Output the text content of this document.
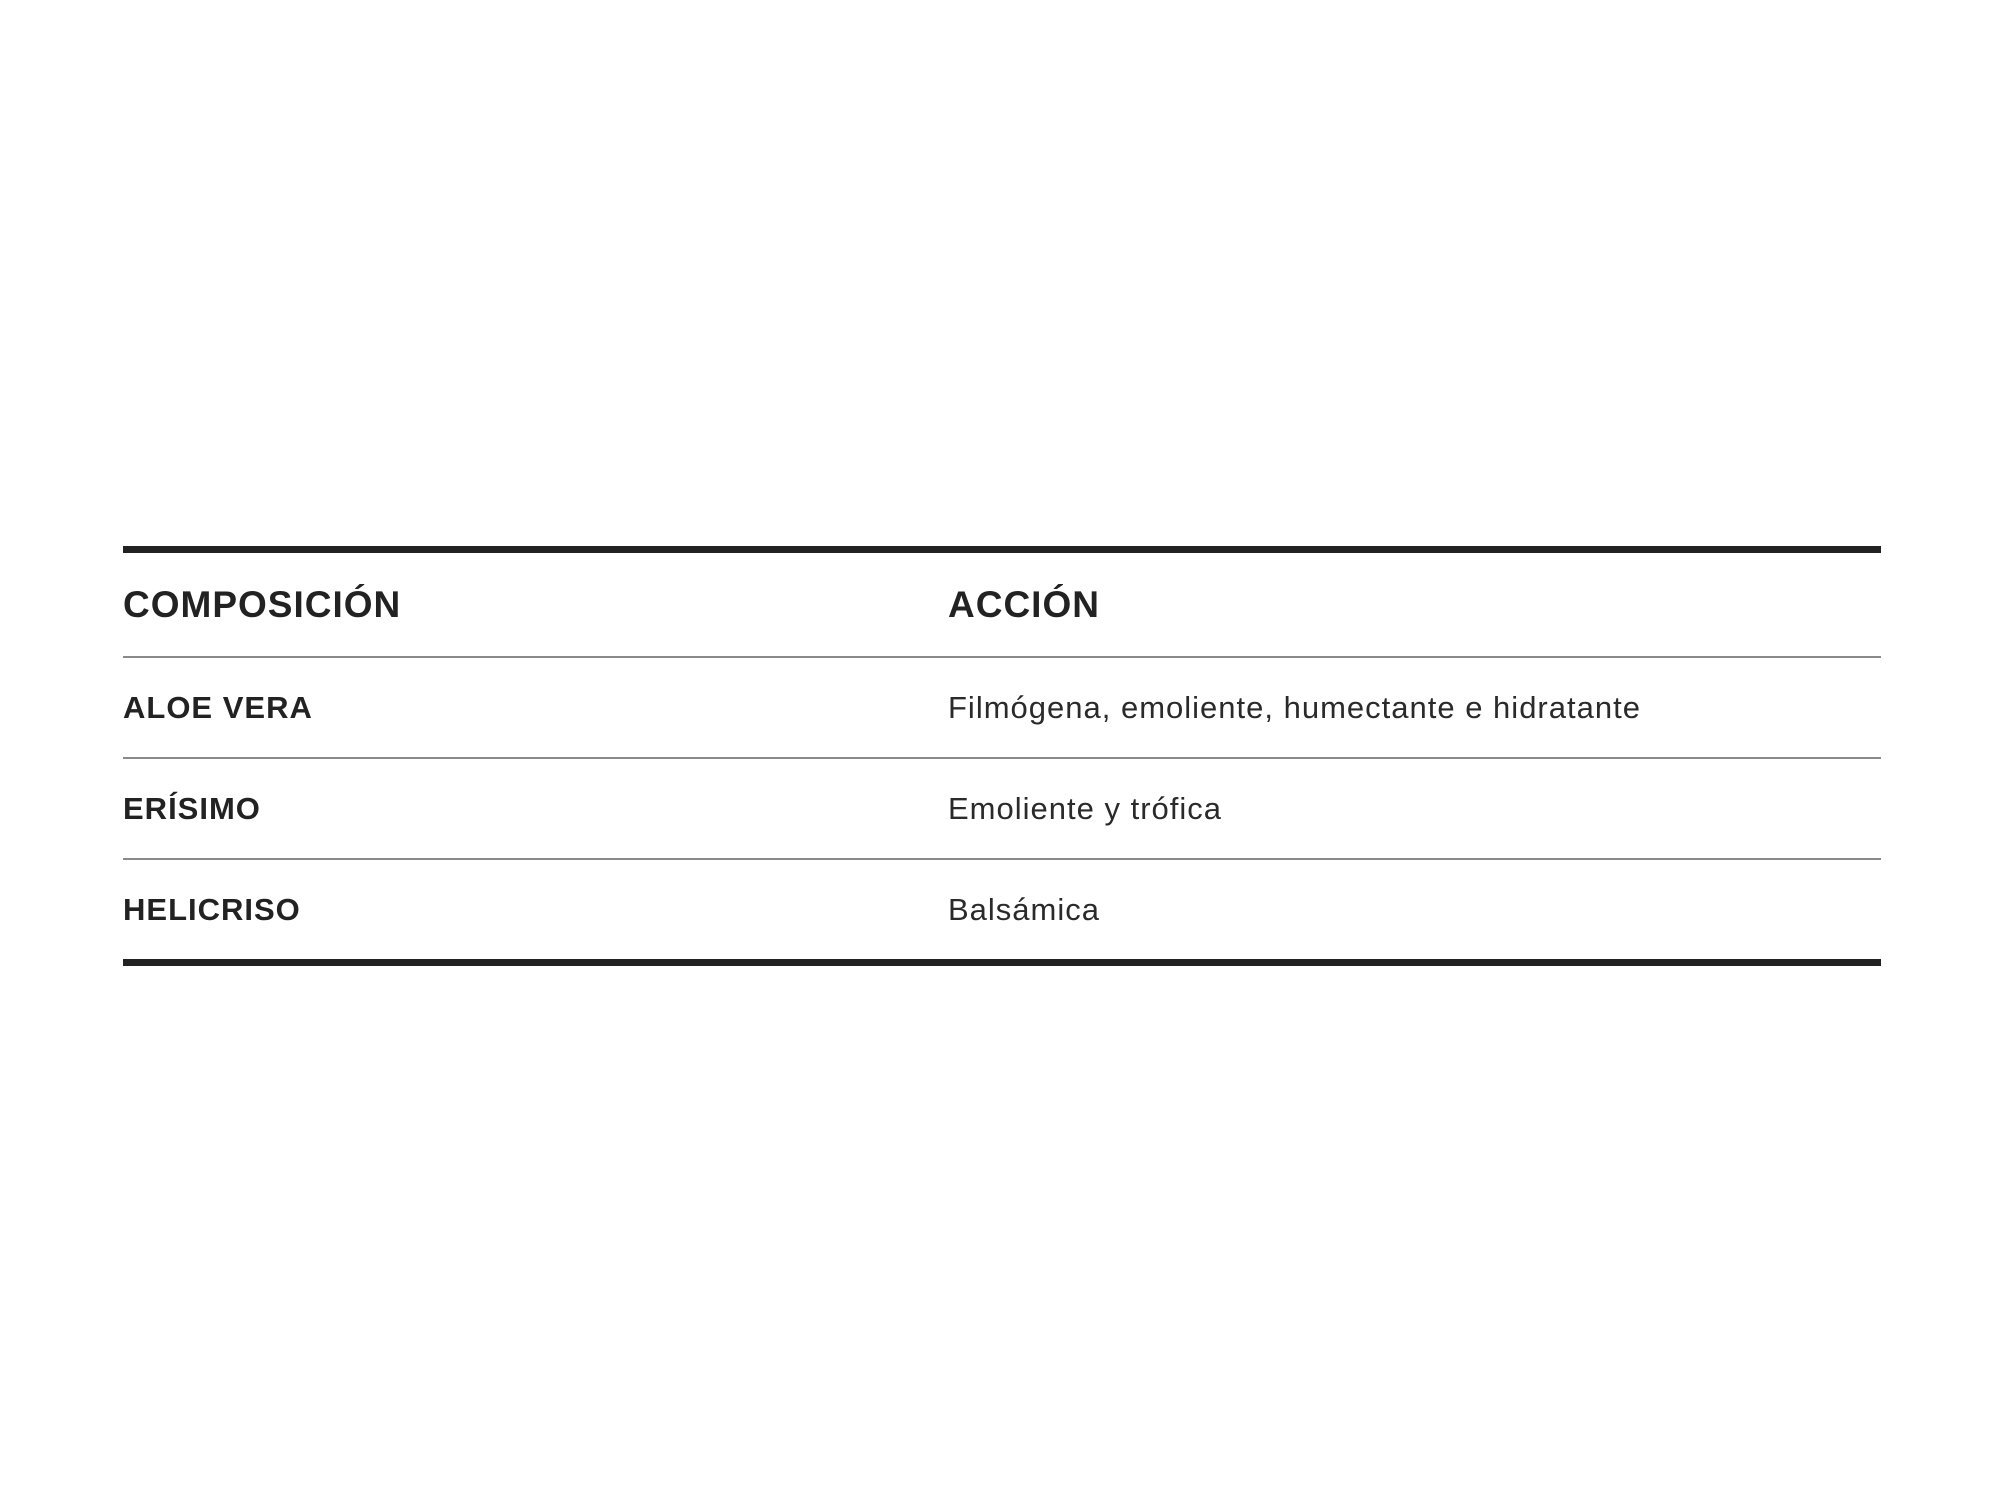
COMPOSICIÓN	ACCIÓN
ALOE VERA	Filmógena, emoliente, humectante e hidratante
ERÍSIMO	Emoliente y trófica
HELICRISO	Balsámica
